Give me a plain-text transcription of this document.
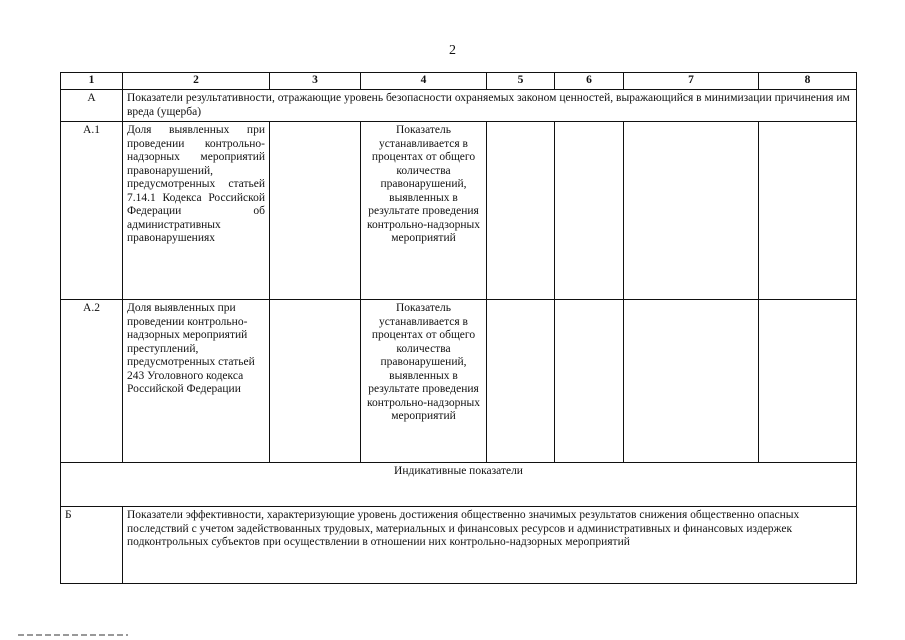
2
1	2	3	4	5	6	7	8
А	Показатели результативности, отражающие уровень безопасности охраняемых законом ценностей, выражающийся в минимизации причинения им вреда (ущерба)						
А.1	Доля выявленных при проведении контрольно-надзорных мероприятий правонарушений, предусмотренных статьей 7.14.1 Кодекса Российской Федерации об административных правонарушениях		Показатель устанавливается в процентах от общего количества правонарушений, выявленных в результате проведения контрольно-надзорных мероприятий				
А.2	Доля выявленных при проведении контрольно-надзорных мероприятий преступлений, предусмотренных статьей 243 Уголовного кодекса Российской Федерации		Показатель устанавливается в процентах от общего количества правонарушений, выявленных в результате проведения контрольно-надзорных мероприятий				
Индикативные показатели							
Б	Показатели эффективности, характеризующие уровень достижения общественно значимых результатов снижения общественно опасных последствий с учетом задействованных трудовых, материальных и финансовых ресурсов и административных и финансовых издержек подконтрольных субъектов при осуществлении в отношении них контрольно-надзорных мероприятий						
